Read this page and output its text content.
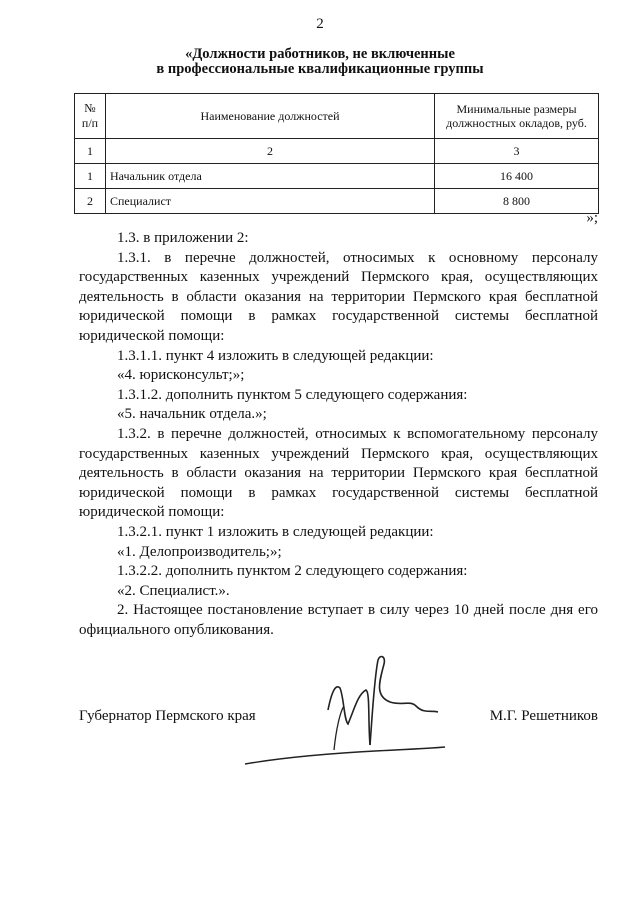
2
«Должности работников, не включенные
в профессиональные квалификационные группы
№ п/п	Наименование должностей	Минимальные размеры должностных окладов, руб.
1	2	3
1	Начальник отдела	16 400
2	Специалист	8 800
»;

1.3. в приложении 2:

1.3.1. в перечне должностей, относимых к основному персоналу государственных казенных учреждений Пермского края, осуществляющих деятельность в области оказания на территории Пермского края бесплатной юридической помощи в рамках государственной системы бесплатной юридической помощи:

1.3.1.1. пункт 4 изложить в следующей редакции:

«4. юрисконсульт;»;

1.3.1.2. дополнить пунктом 5 следующего содержания:

«5. начальник отдела.»;

1.3.2. в перечне должностей, относимых к вспомогательному персоналу государственных казенных учреждений Пермского края, осуществляющих деятельность в области оказания на территории Пермского края бесплатной юридической помощи в рамках государственной системы бесплатной юридической помощи:

1.3.2.1. пункт 1 изложить в следующей редакции:

«1. Делопроизводитель;»;

1.3.2.2. дополнить пунктом 2 следующего содержания:

«2. Специалист.».

2. Настоящее постановление вступает в силу через 10 дней после дня его официального опубликования.

Губернатор Пермского края	М.Г. Решетников
